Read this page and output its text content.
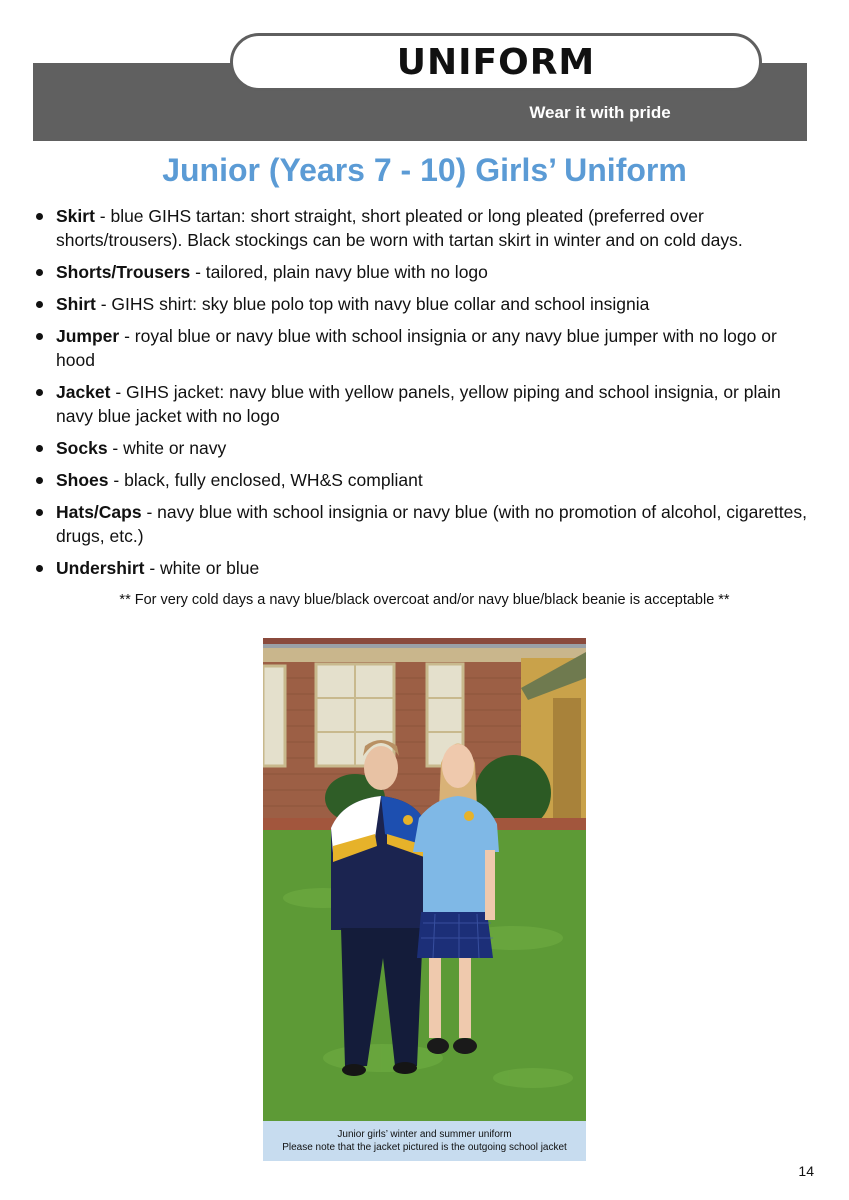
UNIFORM
Wear it with pride
Junior (Years 7 - 10) Girls’ Uniform
Skirt - blue GIHS tartan: short straight, short pleated or long pleated (preferred over shorts/trousers). Black stockings can be worn with tartan skirt in winter and on cold days.
Shorts/Trousers - tailored, plain navy blue with no logo
Shirt - GIHS shirt: sky blue polo top with navy blue collar and school insignia
Jumper - royal blue or navy blue with school insignia or any navy blue jumper with no logo or hood
Jacket - GIHS jacket: navy blue with yellow panels, yellow piping and school insignia, or plain navy blue jacket with no logo
Socks - white or navy
Shoes - black, fully enclosed, WH&S compliant
Hats/Caps - navy blue with school insignia or navy blue (with no promotion of alcohol, cigarettes, drugs, etc.)
Undershirt - white or blue
** For very cold days a navy blue/black overcoat and/or navy blue/black beanie is acceptable **
Junior girls’ winter and summer uniform
Please note that the jacket pictured is the outgoing school jacket
14
